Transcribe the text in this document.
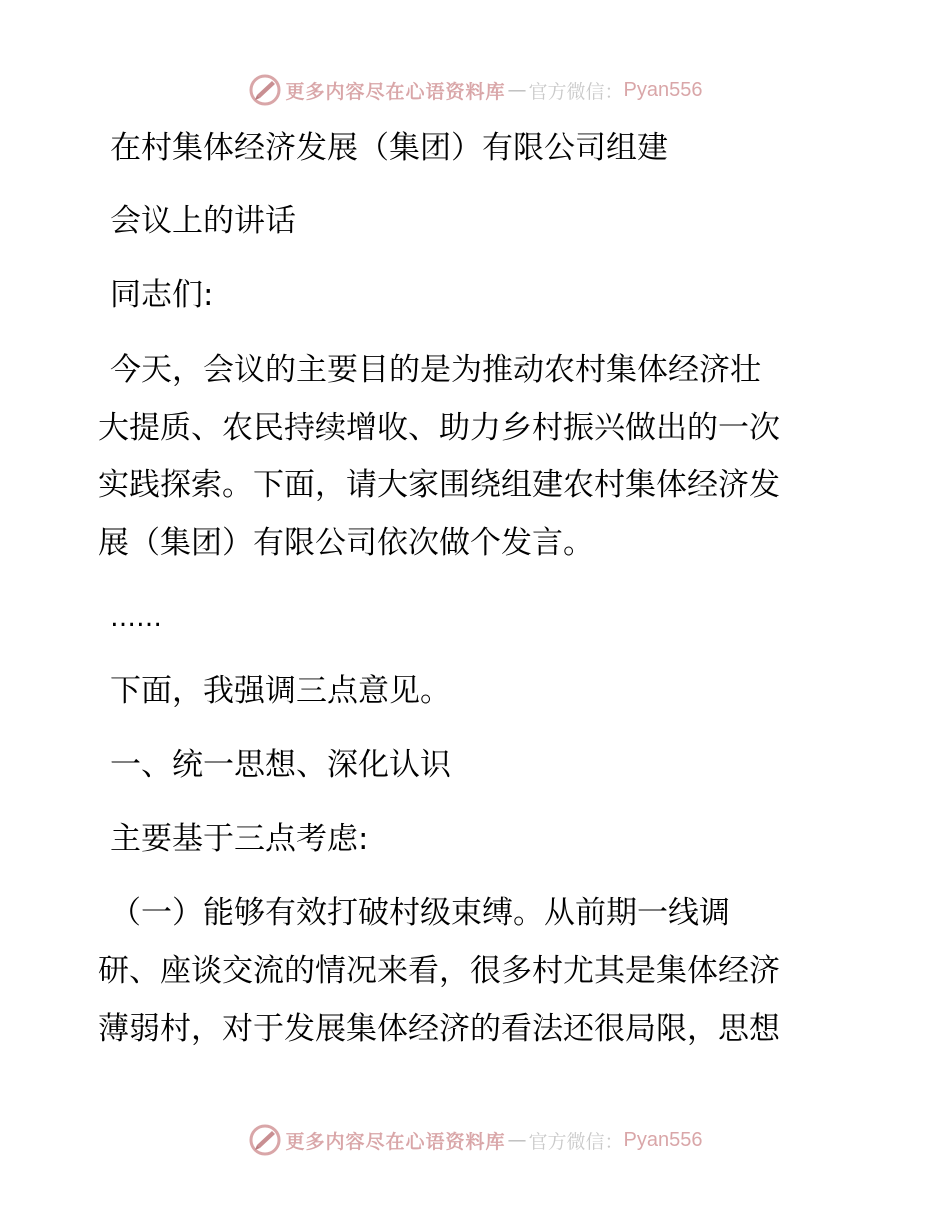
更多内容尽在心语资料库 — 官方微信： Pyan556
在村集体经济发展（集团）有限公司组建
会议上的讲话
同志们:
今天，会议的主要目的是为推动农村集体经济壮
大提质、农民持续增收、助力乡村振兴做出的一次
实践探索。下面，请大家围绕组建农村集体经济发
展（集团）有限公司依次做个发言。
……
下面，我强调三点意见。
一、统一思想、深化认识
主要基于三点考虑:
（一）能够有效打破村级束缚。从前期一线调
研、座谈交流的情况来看，很多村尤其是集体经济
薄弱村，对于发展集体经济的看法还很局限，思想
更多内容尽在心语资料库 — 官方微信： Pyan556
